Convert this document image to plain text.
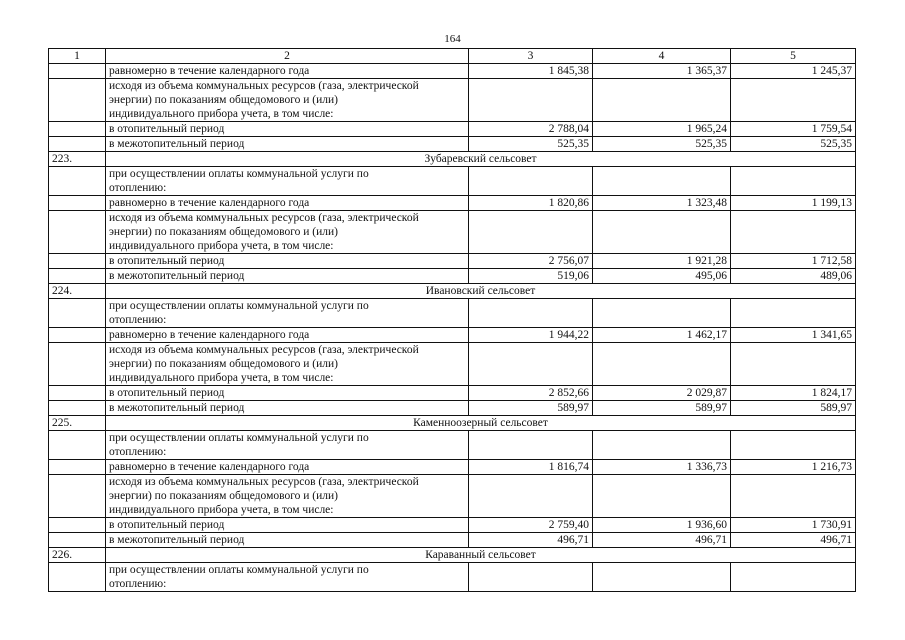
164
1	2	3	4	5

	равномерно в течение календарного года	1 845,38	1 365,37	1 245,37

	исходя из объема коммунальных ресурсов (газа, электрической
энергии) по показаниям общедомового и (или)
индивидуального прибора учета, в том числе:			

	в отопительный период	2 788,04	1 965,24	1 759,54

	в межотопительный период	525,35	525,35	525,35
223.	Зубаревский сельсовет			

	при осуществлении оплаты коммунальной услуги по
отоплению:			

	равномерно в течение календарного года	1 820,86	1 323,48	1 199,13

	исходя из объема коммунальных ресурсов (газа, электрической
энергии) по показаниям общедомового и (или)
индивидуального прибора учета, в том числе:			

	в отопительный период	2 756,07	1 921,28	1 712,58

	в межотопительный период	519,06	495,06	489,06
224.	Ивановский сельсовет			

	при осуществлении оплаты коммунальной услуги по
отоплению:			

	равномерно в течение календарного года	1 944,22	1 462,17	1 341,65

	исходя из объема коммунальных ресурсов (газа, электрической
энергии) по показаниям общедомового и (или)
индивидуального прибора учета, в том числе:			

	в отопительный период	2 852,66	2 029,87	1 824,17

	в межотопительный период	589,97	589,97	589,97
225.	Каменноозерный сельсовет			

	при осуществлении оплаты коммунальной услуги по
отоплению:			

	равномерно в течение календарного года	1 816,74	1 336,73	1 216,73

	исходя из объема коммунальных ресурсов (газа, электрической
энергии) по показаниям общедомового и (или)
индивидуального прибора учета, в том числе:			

	в отопительный период	2 759,40	1 936,60	1 730,91

	в межотопительный период	496,71	496,71	496,71
226.	Караванный сельсовет			

	при осуществлении оплаты коммунальной услуги по
отоплению:			
